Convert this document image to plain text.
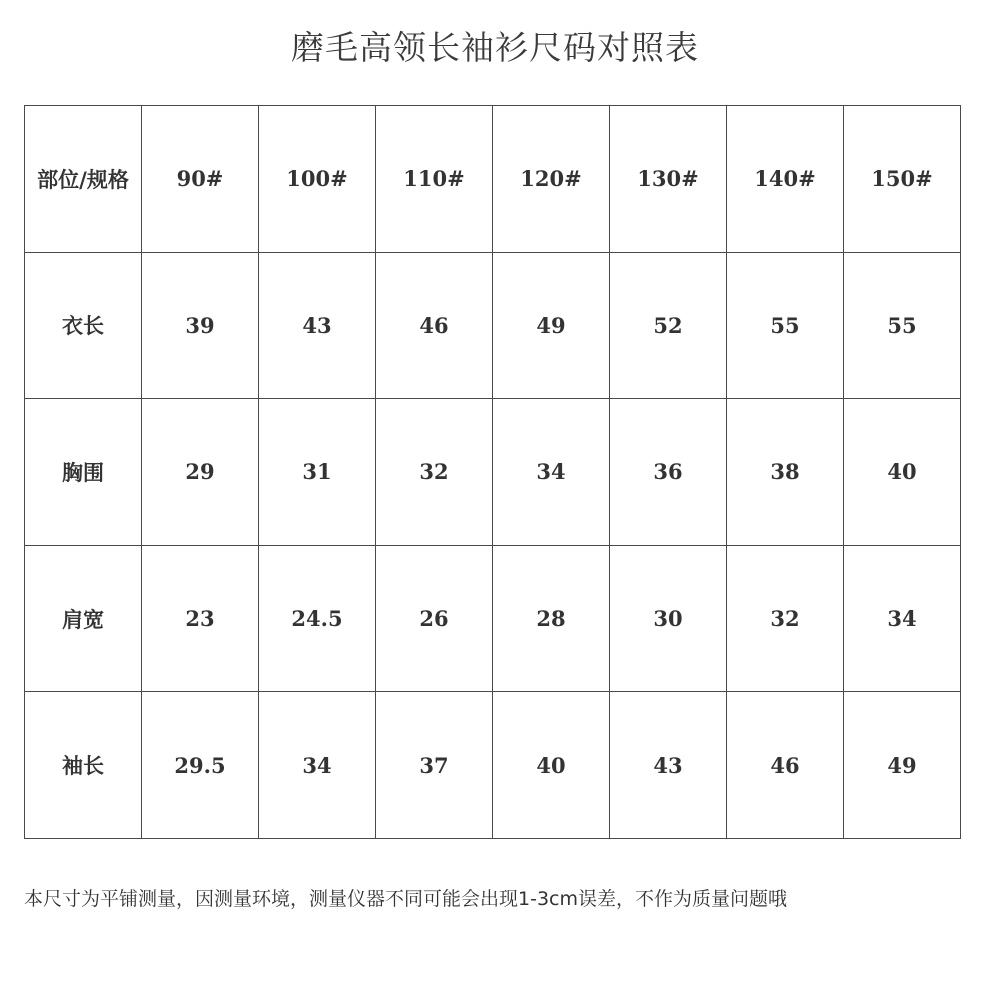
磨毛高领长袖衫尺码对照表
部位/规格	90#	100#	110#	120#	130#	140#	150#
衣长	39	43	46	49	52	55	55
胸围	29	31	32	34	36	38	40
肩宽	23	24.5	26	28	30	32	34
袖长	29.5	34	37	40	43	46	49
本尺寸为平铺测量，因测量环境，测量仪器不同可能会出现1-3cm误差，不作为质量问题哦
